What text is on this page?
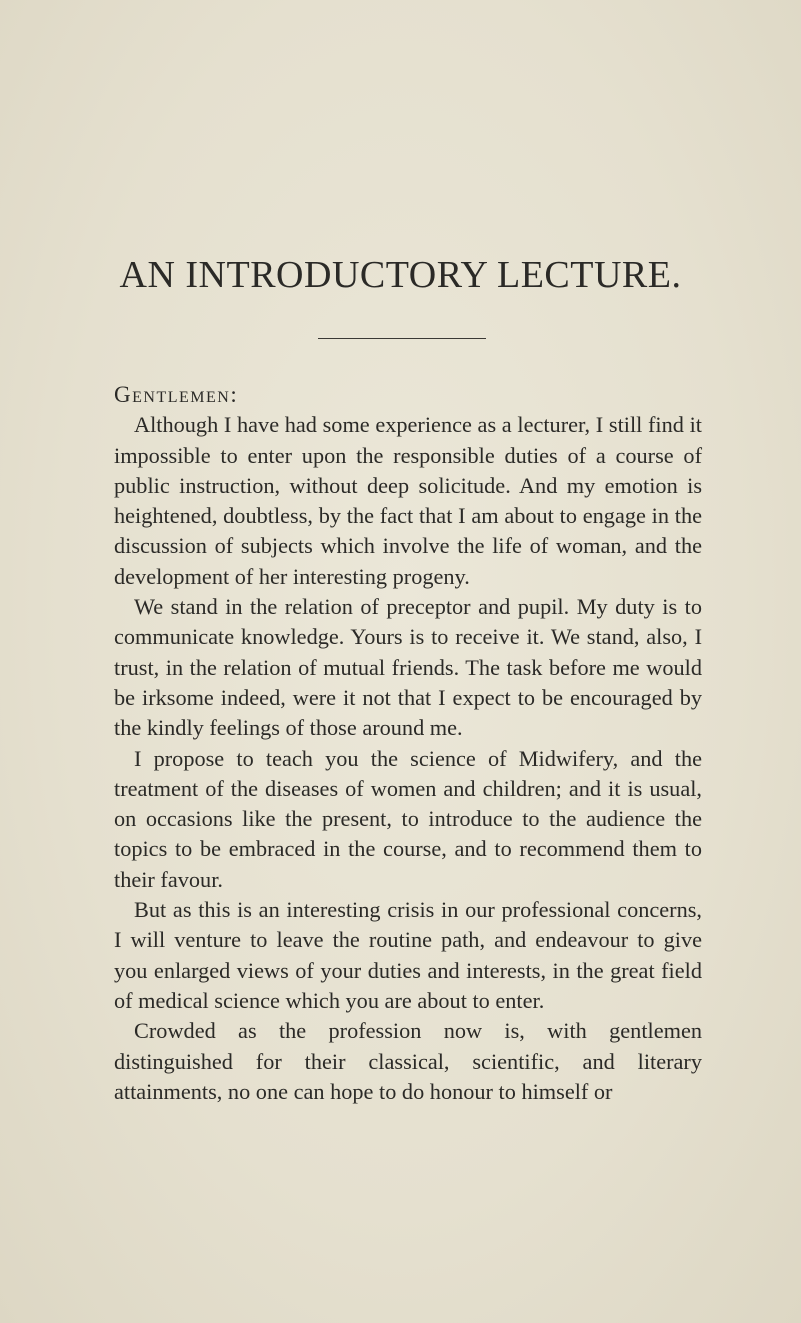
AN INTRODUCTORY LECTURE.

Gentlemen:

Although I have had some experience as a lecturer, I still find it impossible to enter upon the responsible duties of a course of public instruction, without deep solicitude. And my emotion is heightened, doubtless, by the fact that I am about to engage in the discussion of subjects which involve the life of woman, and the development of her interesting progeny.

We stand in the relation of preceptor and pupil. My duty is to communicate knowledge. Yours is to receive it. We stand, also, I trust, in the relation of mutual friends. The task before me would be irksome indeed, were it not that I expect to be encouraged by the kindly feelings of those around me.

I propose to teach you the science of Midwifery, and the treatment of the diseases of women and children; and it is usual, on occasions like the present, to introduce to the audience the topics to be embraced in the course, and to recommend them to their favour.

But as this is an interesting crisis in our professional concerns, I will venture to leave the routine path, and endeavour to give you enlarged views of your duties and interests, in the great field of medical science which you are about to enter.

Crowded as the profession now is, with gentlemen distinguished for their classical, scientific, and literary attainments, no one can hope to do honour to himself or
